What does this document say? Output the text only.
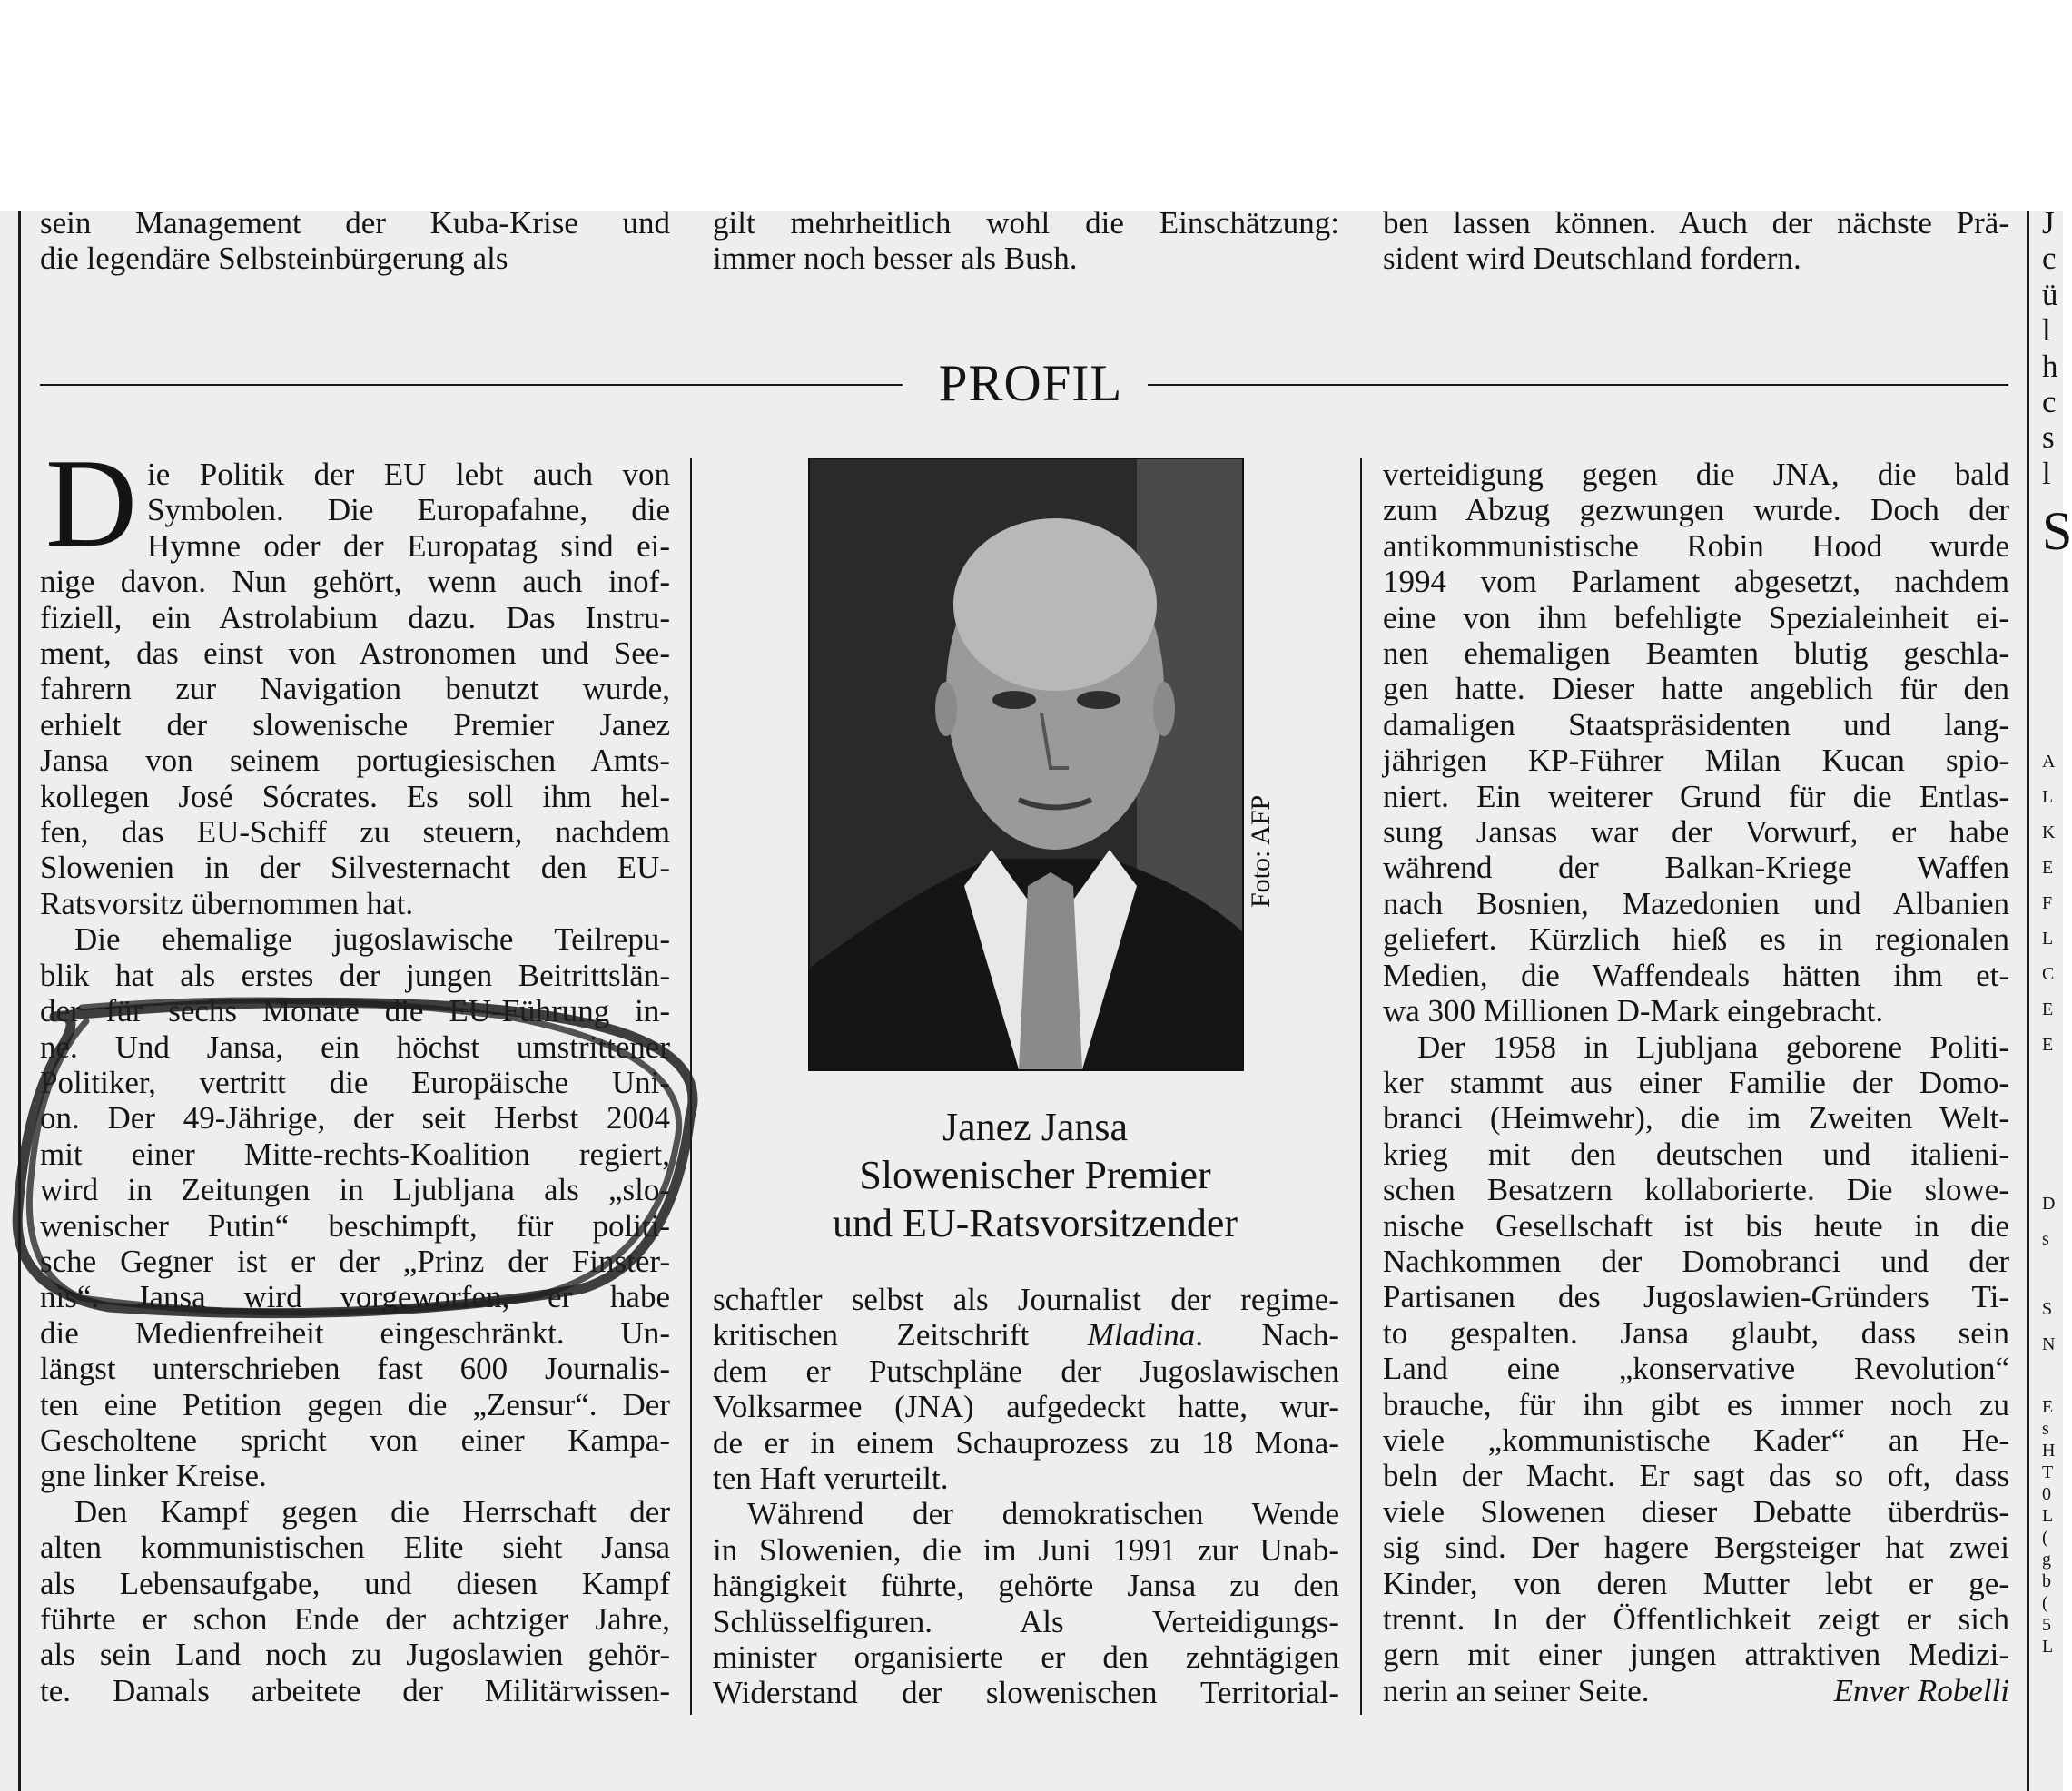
sein Management der Kuba-Krise und

die legendäre Selbsteinbürgerung als

gilt mehrheitlich wohl die Einschätzung:

immer noch besser als Bush.

ben lassen können. Auch der nächste Prä-

sident wird Deutschland fordern.

PROFIL
D ie Politik der EU lebt auch von

Symbolen. Die Europafahne, die

Hymne oder der Europatag sind ei-

nige davon. Nun gehört, wenn auch inof-

fiziell, ein Astrolabium dazu. Das Instru-

ment, das einst von Astronomen und See-

fahrern zur Navigation benutzt wurde,

erhielt der slowenische Premier Janez

Jansa von seinem portugiesischen Amts-

kollegen José Sócrates. Es soll ihm hel-

fen, das EU-Schiff zu steuern, nachdem

Slowenien in der Silvesternacht den EU-

Ratsvorsitz übernommen hat.

Die ehemalige jugoslawische Teilrepu-

blik hat als erstes der jungen Beitrittslän-

der für sechs Monate die EU-Führung in-

ne. Und Jansa, ein höchst umstrittener

Politiker, vertritt die Europäische Uni-

on. Der 49-Jährige, der seit Herbst 2004

mit einer Mitte-rechts-Koalition regiert,

wird in Zeitungen in Ljubljana als „slo-

wenischer Putin“ beschimpft, für politi-

sche Gegner ist er der „Prinz der Finster-

nis“. Jansa wird vorgeworfen, er habe

die Medienfreiheit eingeschränkt. Un-

längst unterschrieben fast 600 Journalis-

ten eine Petition gegen die „Zensur“. Der

Gescholtene spricht von einer Kampa-

gne linker Kreise.

Den Kampf gegen die Herrschaft der

alten kommunistischen Elite sieht Jansa

als Lebensaufgabe, und diesen Kampf

führte er schon Ende der achtziger Jahre,

als sein Land noch zu Jugoslawien gehör-

te. Damals arbeitete der Militärwissen-

Foto: AFP
Janez Jansa
Slowenischer Premier
und EU-Ratsvorsitzender

schaftler selbst als Journalist der regime-

kritischen Zeitschrift Mladina. Nach-

dem er Putschpläne der Jugoslawischen

Volksarmee (JNA) aufgedeckt hatte, wur-

de er in einem Schauprozess zu 18 Mona-

ten Haft verurteilt.

Während der demokratischen Wende

in Slowenien, die im Juni 1991 zur Unab-

hängigkeit führte, gehörte Jansa zu den

Schlüsselfiguren. Als Verteidigungs-

minister organisierte er den zehntägigen

Widerstand der slowenischen Territorial-

verteidigung gegen die JNA, die bald

zum Abzug gezwungen wurde. Doch der

antikommunistische Robin Hood wurde

1994 vom Parlament abgesetzt, nachdem

eine von ihm befehligte Spezialeinheit ei-

nen ehemaligen Beamten blutig geschla-

gen hatte. Dieser hatte angeblich für den

damaligen Staatspräsidenten und lang-

jährigen KP-Führer Milan Kucan spio-

niert. Ein weiterer Grund für die Entlas-

sung Jansas war der Vorwurf, er habe

während der Balkan-Kriege Waffen

nach Bosnien, Mazedonien und Albanien

geliefert. Kürzlich hieß es in regionalen

Medien, die Waffendeals hätten ihm et-

wa 300 Millionen D-Mark eingebracht.

Der 1958 in Ljubljana geborene Politi-

ker stammt aus einer Familie der Domo-

branci (Heimwehr), die im Zweiten Welt-

krieg mit den deutschen und italieni-

schen Besatzern kollaborierte. Die slowe-

nische Gesellschaft ist bis heute in die

Nachkommen der Domobranci und der

Partisanen des Jugoslawien-Gründers Ti-

to gespalten. Jansa glaubt, dass sein

Land eine „konservative Revolution“

brauche, für ihn gibt es immer noch zu

viele „kommunistische Kader“ an He-

beln der Macht. Er sagt das so oft, dass

viele Slowenen dieser Debatte überdrüs-

sig sind. Der hagere Bergsteiger hat zwei

Kinder, von deren Mutter lebt er ge-

trennt. In der Öffentlichkeit zeigt er sich

gern mit einer jungen attraktiven Medizi-

nerin an seiner Seite.	Enver Robelli

J
c
ü
l
h
c
s
l
S
A
L
K
E
F
L
C
E
E
D
s
S
N
E
s
H
T
0
L
(
g
b
(
5
L
